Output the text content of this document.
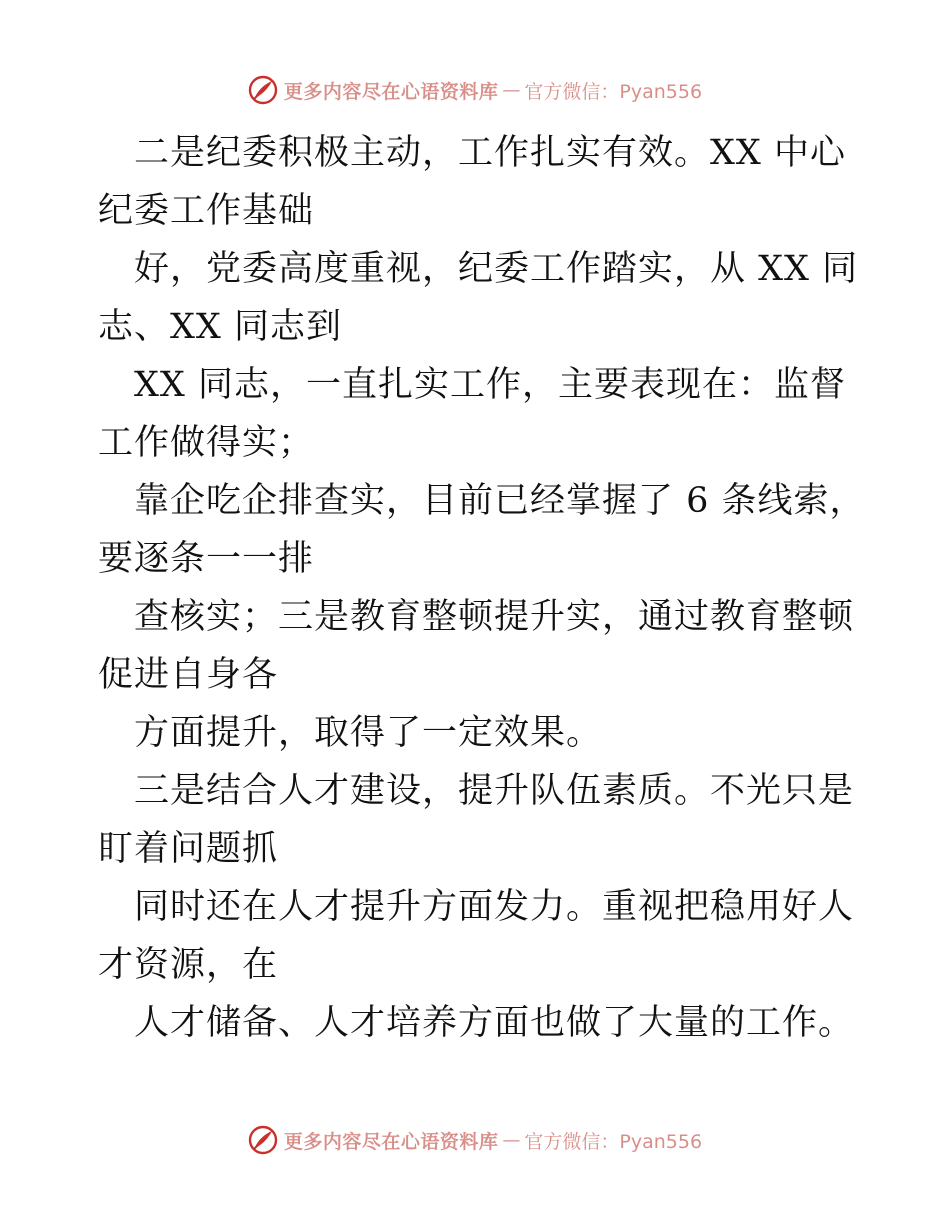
更多内容尽在心语资料库 — 官方微信：Pyan556

二是纪委积极主动，工作扎实有效。XX 中心纪委工作基础

好，党委高度重视，纪委工作踏实，从 XX 同志、XX 同志到

XX 同志，一直扎实工作，主要表现在：监督工作做得实；

靠企吃企排查实，目前已经掌握了 6 条线索，要逐条一一排

查核实；三是教育整顿提升实，通过教育整顿促进自身各

方面提升，取得了一定效果。

三是结合人才建设，提升队伍素质。不光只是盯着问题抓

同时还在人才提升方面发力。重视把稳用好人才资源，在

人才储备、人才培养方面也做了大量的工作。

更多内容尽在心语资料库 — 官方微信：Pyan556
